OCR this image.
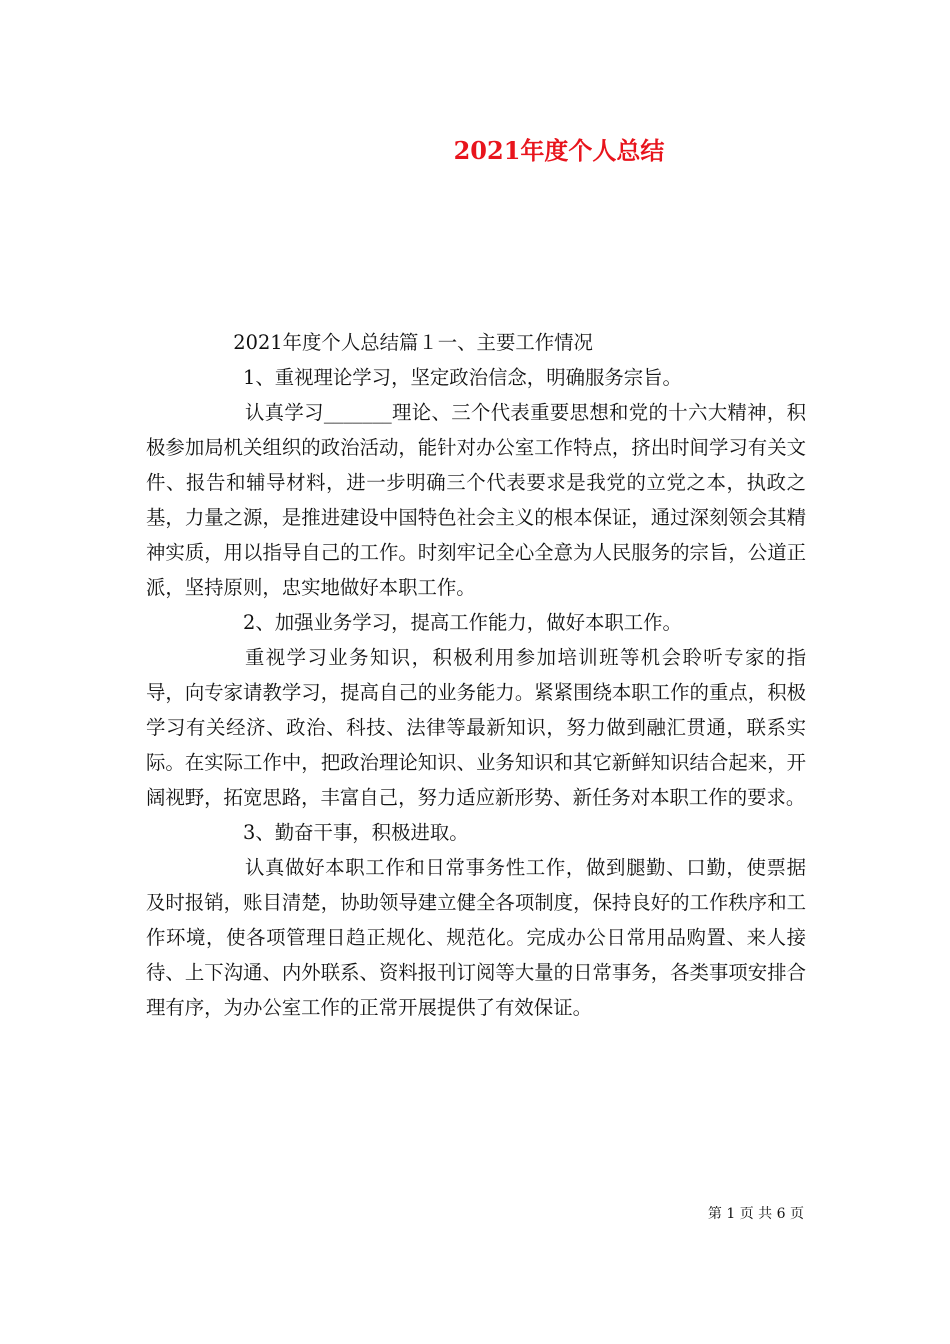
2021年度个人总结

2021年度个人总结篇１一、主要工作情况

1、重视理论学习，坚定政治信念，明确服务宗旨。

认真学习_______理论、三个代表重要思想和党的十六大精神，积极参加局机关组织的政治活动，能针对办公室工作特点，挤出时间学习有关文件、报告和辅导材料，进一步明确三个代表要求是我党的立党之本，执政之基，力量之源，是推进建设中国特色社会主义的根本保证，通过深刻领会其精神实质，用以指导自己的工作。时刻牢记全心全意为人民服务的宗旨，公道正派，坚持原则，忠实地做好本职工作。

2、加强业务学习，提高工作能力，做好本职工作。

重视学习业务知识，积极利用参加培训班等机会聆听专家的指导，向专家请教学习，提高自己的业务能力。紧紧围绕本职工作的重点，积极学习有关经济、政治、科技、法律等最新知识，努力做到融汇贯通，联系实际。在实际工作中，把政治理论知识、业务知识和其它新鲜知识结合起来，开阔视野，拓宽思路，丰富自己，努力适应新形势、新任务对本职工作的要求。

3、勤奋干事，积极进取。

认真做好本职工作和日常事务性工作，做到腿勤、口勤，使票据及时报销，账目清楚，协助领导建立健全各项制度，保持良好的工作秩序和工作环境，使各项管理日趋正规化、规范化。完成办公日常用品购置、来人接待、上下沟通、内外联系、资料报刊订阅等大量的日常事务，各类事项安排合理有序，为办公室工作的正常开展提供了有效保证。

第 1 页 共 6 页
